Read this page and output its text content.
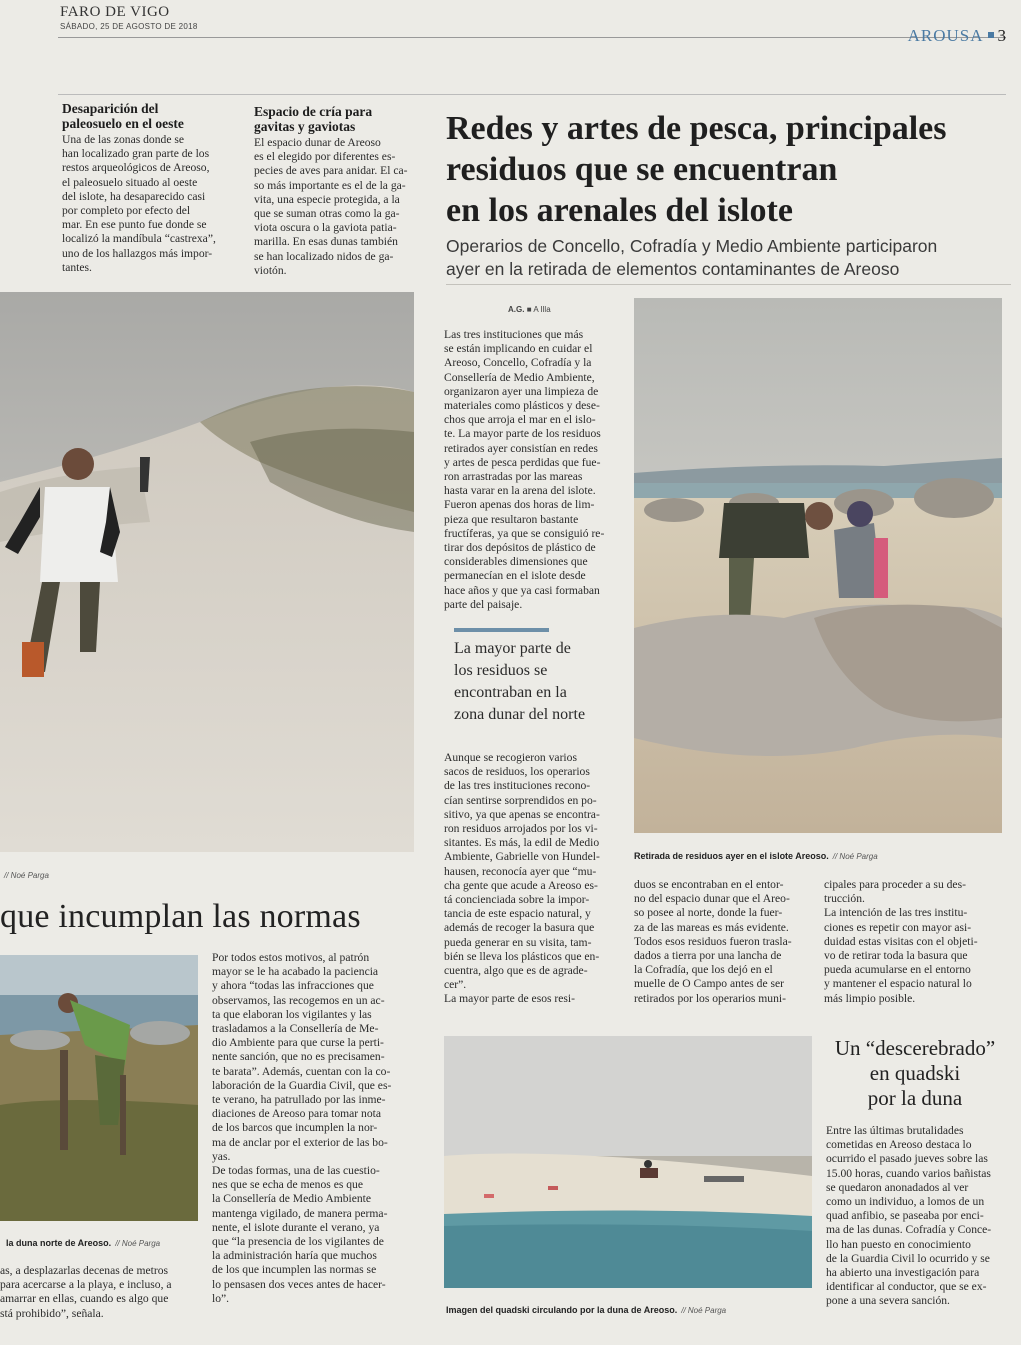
FARO DE VIGO
SÁBADO, 25 DE AGOSTO DE 2018	AROUSA 3
Desaparición del
paleosuelo en el oeste
Una de las zonas donde se
han localizado gran parte de los
restos arqueológicos de Areoso,
el paleosuelo situado al oeste
del islote, ha desaparecido casi
por completo por efecto del
mar. En ese punto fue donde se
localizó la mandíbula “castrexa”,
uno de los hallazgos más impor-
tantes.
Espacio de cría para
gavitas y gaviotas
El espacio dunar de Areoso
es el elegido por diferentes es-
pecies de aves para anidar. El ca-
so más importante es el de la ga-
vita, una especie protegida, a la
que se suman otras como la ga-
viota oscura o la gaviota patia-
marilla. En esas dunas también
se han localizado nidos de ga-
viotón.
// Noé Parga
Redes y artes de pesca, principales
residuos que se encuentran
en los arenales del islote
Operarios de Concello, Cofradía y Medio Ambiente participaron
ayer en la retirada de elementos contaminantes de Areoso
A.G. ■ A Illa
Las tres instituciones que más
se están implicando en cuidar el
Areoso, Concello, Cofradía y la
Consellería de Medio Ambiente,
organizaron ayer una limpieza de
materiales como plásticos y dese-
chos que arroja el mar en el islo-
te. La mayor parte de los residuos
retirados ayer consistían en redes
y artes de pesca perdidas que fue-
ron arrastradas por las mareas
hasta varar en la arena del islote.
Fueron apenas dos horas de lim-
pieza que resultaron bastante
fructíferas, ya que se consiguió re-
tirar dos depósitos de plástico de
considerables dimensiones que
permanecían en el islote desde
hace años y que ya casi formaban
parte del paisaje.
La mayor parte de
los residuos se
encontraban en la
zona dunar del norte
Aunque se recogieron varios
sacos de residuos, los operarios
de las tres instituciones recono-
cían sentirse sorprendidos en po-
sitivo, ya que apenas se encontra-
ron residuos arrojados por los vi-
sitantes. Es más, la edil de Medio
Ambiente, Gabrielle von Hundel-
hausen, reconocía ayer que “mu-
cha gente que acude a Areoso es-
tá concienciada sobre la impor-
tancia de este espacio natural, y
además de recoger la basura que
pueda generar en su visita, tam-
bién se lleva los plásticos que en-
cuentra, algo que es de agrade-
cer”.
La mayor parte de esos resi-
Retirada de residuos ayer en el islote Areoso. // Noé Parga
duos se encontraban en el entor-
no del espacio dunar que el Areo-
so posee al norte, donde la fuer-
za de las mareas es más evidente.
Todos esos residuos fueron trasla-
dados a tierra por una lancha de
la Cofradía, que los dejó en el
muelle de O Campo antes de ser
retirados por los operarios muni-
cipales para proceder a su des-
trucción.
La intención de las tres institu-
ciones es repetir con mayor asi-
duidad estas visitas con el objeti-
vo de retirar toda la basura que
pueda acumularse en el entorno
y mantener el espacio natural lo
más limpio posible.
que incumplan las normas
la duna norte de Areoso. // Noé Parga
as, a desplazarlas decenas de metros
para acercarse a la playa, e incluso, a
amarrar en ellas, cuando es algo que
stá prohibido”, señala.
Por todos estos motivos, al patrón
mayor se le ha acabado la paciencia
y ahora “todas las infracciones que
observamos, las recogemos en un ac-
ta que elaboran los vigilantes y las
trasladamos a la Consellería de Me-
dio Ambiente para que curse la perti-
nente sanción, que no es precisamen-
te barata”. Además, cuentan con la co-
laboración de la Guardia Civil, que es-
te verano, ha patrullado por las inme-
diaciones de Areoso para tomar nota
de los barcos que incumplen la nor-
ma de anclar por el exterior de las bo-
yas.
De todas formas, una de las cuestio-
nes que se echa de menos es que
la Consellería de Medio Ambiente
mantenga vigilado, de manera perma-
nente, el islote durante el verano, ya
que “la presencia de los vigilantes de
la administración haría que muchos
de los que incumplen las normas se
lo pensasen dos veces antes de hacer-
lo”.
Imagen del quadski circulando por la duna de Areoso. // Noé Parga
Un “descerebrado”
en quadski
por la duna
Entre las últimas brutalidades
cometidas en Areoso destaca lo
ocurrido el pasado jueves sobre las
15.00 horas, cuando varios bañistas
se quedaron anonadados al ver
como un individuo, a lomos de un
quad anfibio, se paseaba por enci-
ma de las dunas. Cofradía y Conce-
llo han puesto en conocimiento
de la Guardia Civil lo ocurrido y se
ha abierto una investigación para
identificar al conductor, que se ex-
pone a una severa sanción.
